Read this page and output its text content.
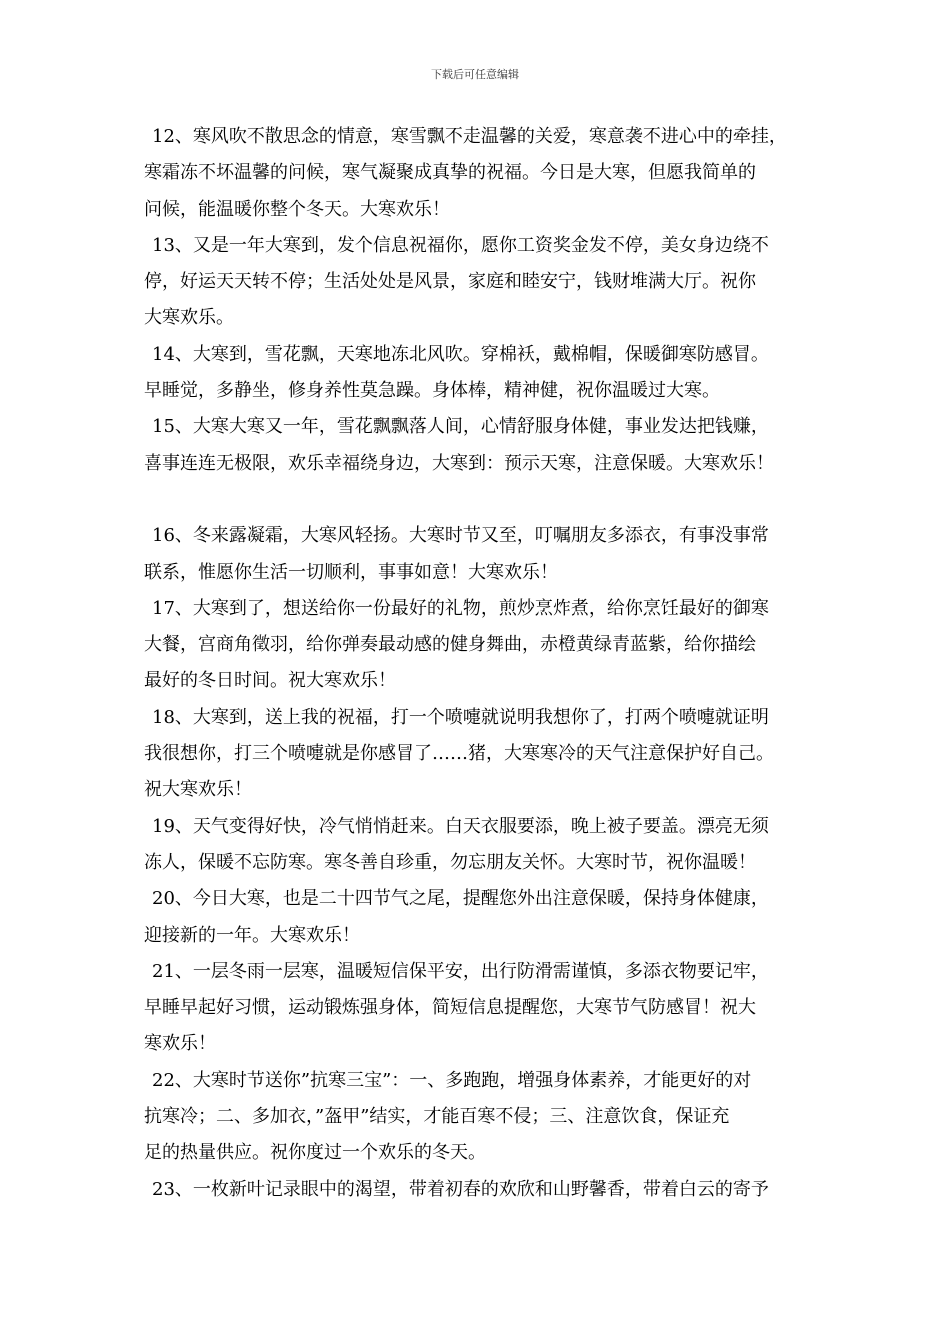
下载后可任意编辑
12、寒风吹不散思念的情意，寒雪飘不走温馨的关爱，寒意袭不进心中的牵挂，
寒霜冻不坏温馨的问候，寒气凝聚成真挚的祝福。今日是大寒，但愿我简单的
问候，能温暖你整个冬天。大寒欢乐！
13、又是一年大寒到，发个信息祝福你，愿你工资奖金发不停，美女身边绕不
停，好运天天转不停；生活处处是风景，家庭和睦安宁，钱财堆满大厅。祝你
大寒欢乐。
14、大寒到，雪花飘，天寒地冻北风吹。穿棉袄，戴棉帽，保暖御寒防感冒。
早睡觉，多静坐，修身养性莫急躁。身体棒，精神健，祝你温暖过大寒。
15、大寒大寒又一年，雪花飘飘落人间，心情舒服身体健，事业发达把钱赚，
喜事连连无极限，欢乐幸福绕身边，大寒到：预示天寒，注意保暖。大寒欢乐！
16、冬来露凝霜，大寒风轻扬。大寒时节又至，叮嘱朋友多添衣，有事没事常
联系，惟愿你生活一切顺利，事事如意！大寒欢乐！
17、大寒到了，想送给你一份最好的礼物，煎炒烹炸煮，给你烹饪最好的御寒
大餐，宫商角徵羽，给你弹奏最动感的健身舞曲，赤橙黄绿青蓝紫，给你描绘
最好的冬日时间。祝大寒欢乐！
18、大寒到，送上我的祝福，打一个喷嚏就说明我想你了，打两个喷嚏就证明
我很想你，打三个喷嚏就是你感冒了……猪，大寒寒冷的天气注意保护好自己。
祝大寒欢乐！
19、天气变得好快，冷气悄悄赶来。白天衣服要添，晚上被子要盖。漂亮无须
冻人，保暖不忘防寒。寒冬善自珍重，勿忘朋友关怀。大寒时节，祝你温暖！
20、今日大寒，也是二十四节气之尾，提醒您外出注意保暖，保持身体健康，
迎接新的一年。大寒欢乐！
21、一层冬雨一层寒，温暖短信保平安，出行防滑需谨慎，多添衣物要记牢，
早睡早起好习惯，运动锻炼强身体，简短信息提醒您，大寒节气防感冒！祝大
寒欢乐！
22、大寒时节送你”抗寒三宝”：一、多跑跑，增强身体素养，才能更好的对
抗寒冷；二、多加衣，”盔甲”结实，才能百寒不侵；三、注意饮食，保证充
足的热量供应。祝你度过一个欢乐的冬天。
23、一枚新叶记录眼中的渴望，带着初春的欢欣和山野馨香，带着白云的寄予
